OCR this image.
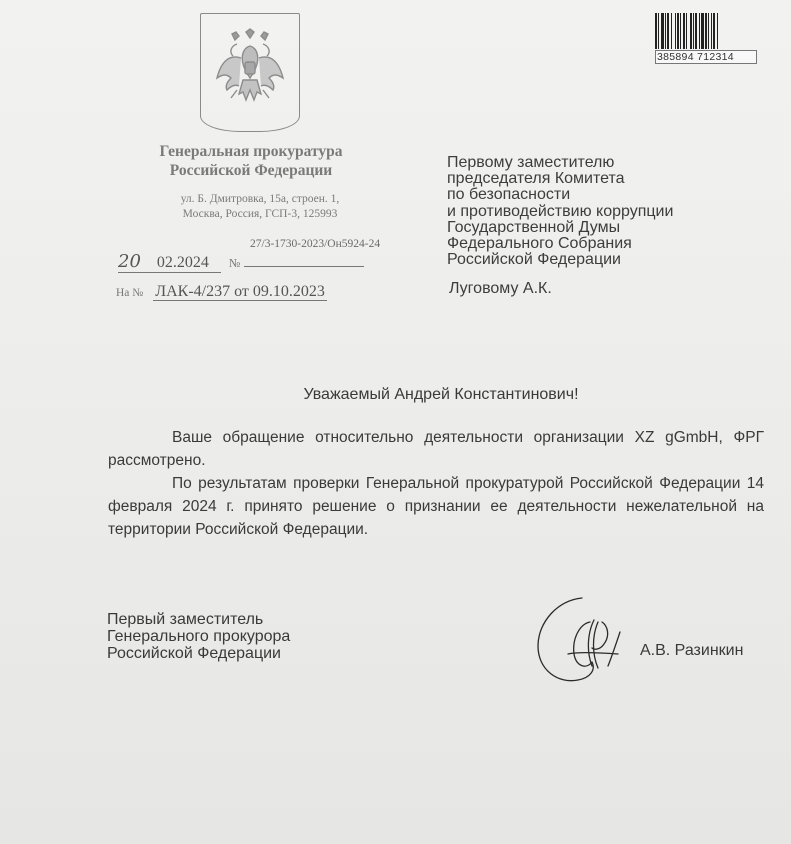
385894 712314
Генеральная прокуратура
Российской Федерации
ул. Б. Дмитровка, 15а, строен. 1,
Москва, Россия, ГСП-3, 125993
27/3-1730-2023/Он5924-24
20 02.2024 №
На № ЛАК-4/237 от 09.10.2023
Первому заместителю
председателя Комитета
по безопасности
и противодействию коррупции
Государственной Думы
Федерального Собрания
Российской Федерации
Луговому А.К.
Уважаемый Андрей Константинович!

Ваше обращение относительно деятельности организации XZ gGmbH, ФРГ рассмотрено.

По результатам проверки Генеральной прокуратурой Российской Федерации 14 февраля 2024 г. принято решение о признании ее деятельности нежелательной на территории Российской Федерации.

Первый заместитель
Генерального прокурора
Российской Федерации	А.В. Разинкин
